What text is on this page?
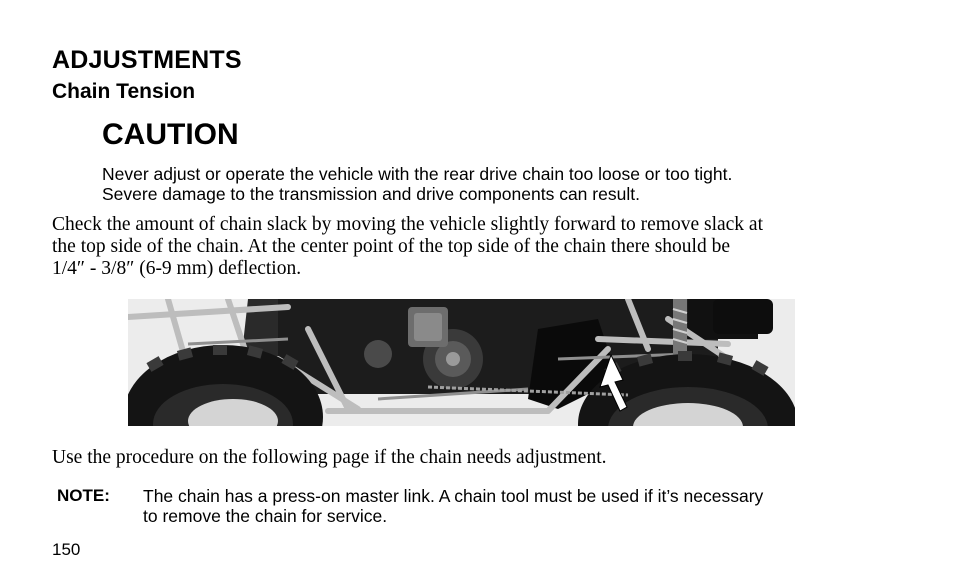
ADJUSTMENTS
Chain Tension
CAUTION
Never adjust or operate the vehicle with the rear drive chain too loose or too tight.
Severe damage to the transmission and drive components can result.
Check the amount of chain slack by moving the vehicle slightly forward to remove slack at
the top side of the chain. At the center point of the top side of the chain there should be
1/4″ - 3/8″ (6-9 mm) deflection.
Use the procedure on the following page if the chain needs adjustment.
NOTE: The chain has a press-on master link. A chain tool must be used if it’s necessary
to remove the chain for service.
150
